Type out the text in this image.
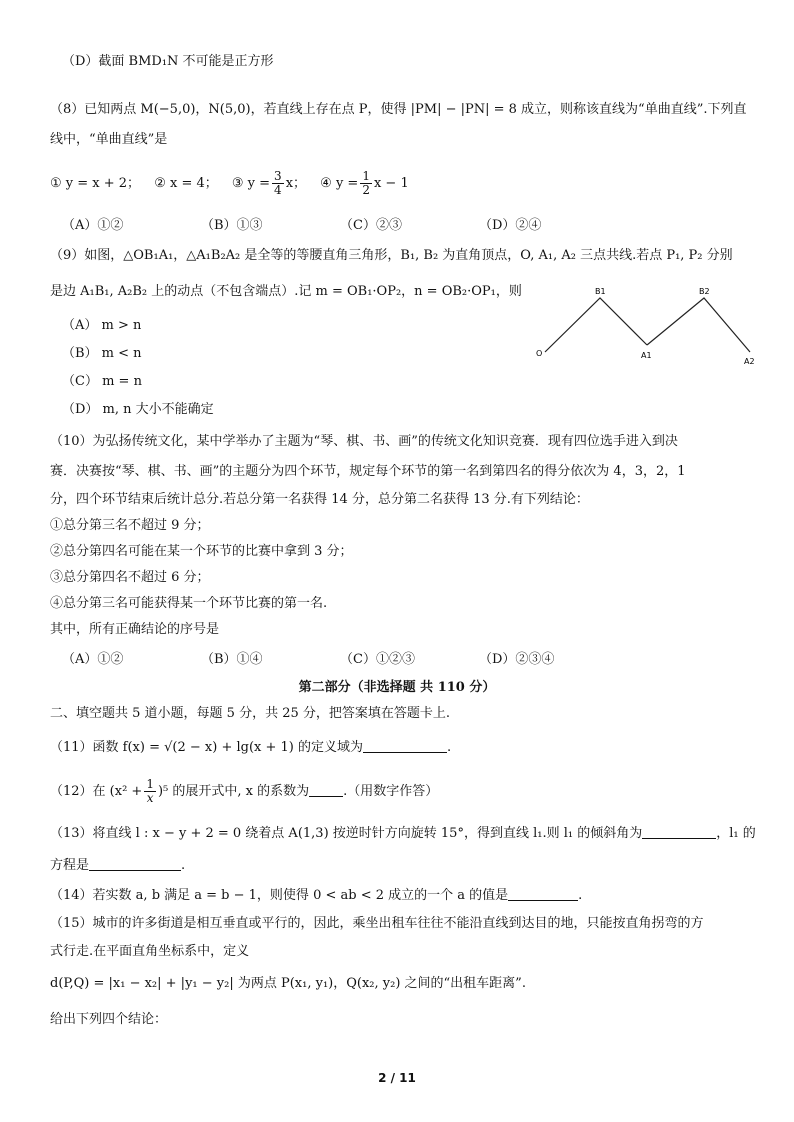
（D）截面 BMD₁N 不可能是正方形
（8）已知两点 M(−5,0)，N(5,0)，若直线上存在点 P，使得 |PM| − |PN| = 8 成立，则称该直线为“单曲直线”.下列直
线中，“单曲直线”是
① y = x + 2； ② x = 4； ③ $y = \frac{3}{4}$ x； ④ $y = \frac{1}{2}$ x − 1
（A）①②	（B）①③	（C）②③	（D）②④
（9）如图，△OB₁A₁，△A₁B₂A₂ 是全等的等腰直角三角形，B₁, B₂ 为直角顶点，O, A₁, A₂ 三点共线.若点 P₁, P₂ 分别
是边 A₁B₁, A₂B₂ 上的动点（不包含端点）.记 m = OB₁·OP₂，n = OB₂·OP₁，则
（A） m > n
（B） m < n
（C） m = n
（D） m, n 大小不能确定
B1	B2
O	A1
A2
（10）为弘扬传统文化，某中学举办了主题为“琴、棋、书、画”的传统文化知识竞赛．现有四位选手进入到决
赛．决赛按“琴、棋、书、画”的主题分为四个环节，规定每个环节的第一名到第四名的得分依次为 4，3，2，1
分，四个环节结束后统计总分.若总分第一名获得 14 分，总分第二名获得 13 分.有下列结论：
①总分第三名不超过 9 分；
②总分第四名可能在某一个环节的比赛中拿到 3 分；
③总分第四名不超过 6 分；
④总分第三名可能获得某一个环节比赛的第一名.
其中，所有正确结论的序号是
（A）①②	（B）①④	（C）①②③	（D）②③④
第二部分（非选择题 共 110 分）
二、填空题共 5 道小题，每题 5 分，共 25 分，把答案填在答题卡上.
（11）函数 f(x) = √(2 − x) + lg(x + 1) 的定义域为	.
（12）在 $(x^2 + \frac{1}{x} )^5$ 的展开式中, x 的系数为	.（用数字作答）
（13）将直线 l : x − y + 2 = 0 绕着点 A(1,3) 按逆时针方向旋转 15°，得到直线 l₁.则 l₁ 的倾斜角为	，l₁ 的
方程是	.
（14）若实数 a, b 满足 a = b − 1，则使得 0 < ab < 2 成立的一个 a 的值是	.
（15）城市的许多街道是相互垂直或平行的，因此，乘坐出租车往往不能沿直线到达目的地，只能按直角拐弯的方
式行走.在平面直角坐标系中，定义
d(P,Q) = |x₁ − x₂| + |y₁ − y₂| 为两点 P(x₁, y₁)，Q(x₂, y₂) 之间的“出租车距离”.
给出下列四个结论：
2 / 11
